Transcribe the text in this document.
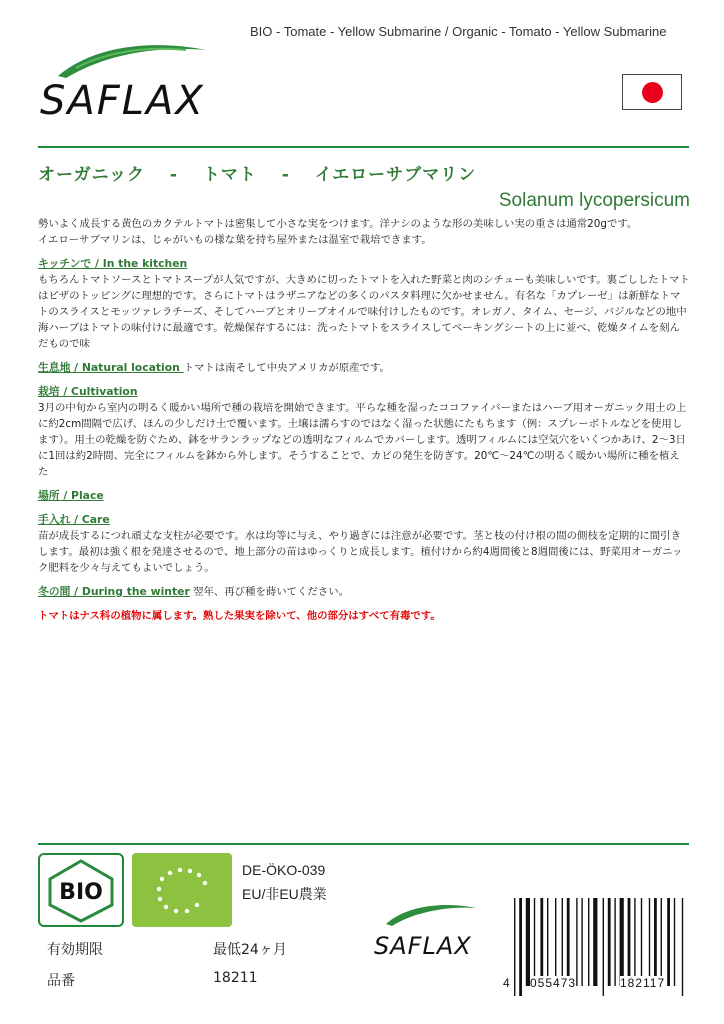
BIO - Tomate - Yellow Submarine / Organic - Tomato - Yellow Submarine
SAFLAX
オーガニック　 -　 トマト　 -　 イエローサブマリン
Solanum lycopersicum

勢いよく成長する黄色のカクテルトマトは密集して小さな実をつけます。洋ナシのような形の美味しい実の重さは通常20gです。

イエローサブマリンは、じゃがいもの様な葉を持ち屋外または温室で栽培できます。

キッチンで / In the kitchen

もちろんトマトソースとトマトスープが人気ですが、大きめに切ったトマトを入れた野菜と肉のシチューも美味しいです。裏ごししたトマトはピザのトッピングに理想的です。さらにトマトはラザニアなどの多くのパスタ料理に欠かせません。有名な「カプレーゼ」は新鮮なトマトのスライスとモッツァレラチーズ、そしてハーブとオリーブオイルで味付けしたものです。オレガノ、タイム、セージ、バジルなどの地中海ハーブはトマトの味付けに最適です。乾燥保存するには：洗ったトマトをスライスしてベーキングシートの上に並べ、乾燥タイムを刻んだもので味

生息地 / Natural location トマトは南そして中央アメリカが原産です。

栽培 / Cultivation

3月の中旬から室内の明るく暖かい場所で種の栽培を開始できます。平らな種を湿ったココファイバーまたはハーブ用オーガニック用土の上に約2cm間隔で広げ、ほんの少しだけ土で覆います。土壌は濡らすのではなく湿った状態にたもちます（例：スプレーボトルなどを使用します）。用土の乾燥を防ぐため、鉢をサランラップなどの透明なフィルムでカバーします。透明フィルムには空気穴をいくつかあけ、2～3日に1回は約2時間、完全にフィルムを鉢から外します。そうすることで、カビの発生を防ぎす。20℃～24℃の明るく暖かい場所に種を植えた

場所 / Place

手入れ / Care

苗が成長するにつれ頑丈な支柱が必要です。水は均等に与え、やり過ぎには注意が必要です。茎と枝の付け根の間の側枝を定期的に間引きします。最初は強く根を発達させるので、地上部分の苗はゆっくりと成長します。植付けから約4週間後と8週間後には、野菜用オーガニック肥料を少々与えてもよいでしょう。

冬の間 / During the winter 翌年、再び種を蒔いてください。

トマトはナス科の植物に属します。熟した果実を除いて、他の部分はすべて有毒です。

BIO
DE-ÖKO-039
EU/非EU農業
有効期限	最低24ヶ月
品番	18211
SAFLAX
4 055473	182117
